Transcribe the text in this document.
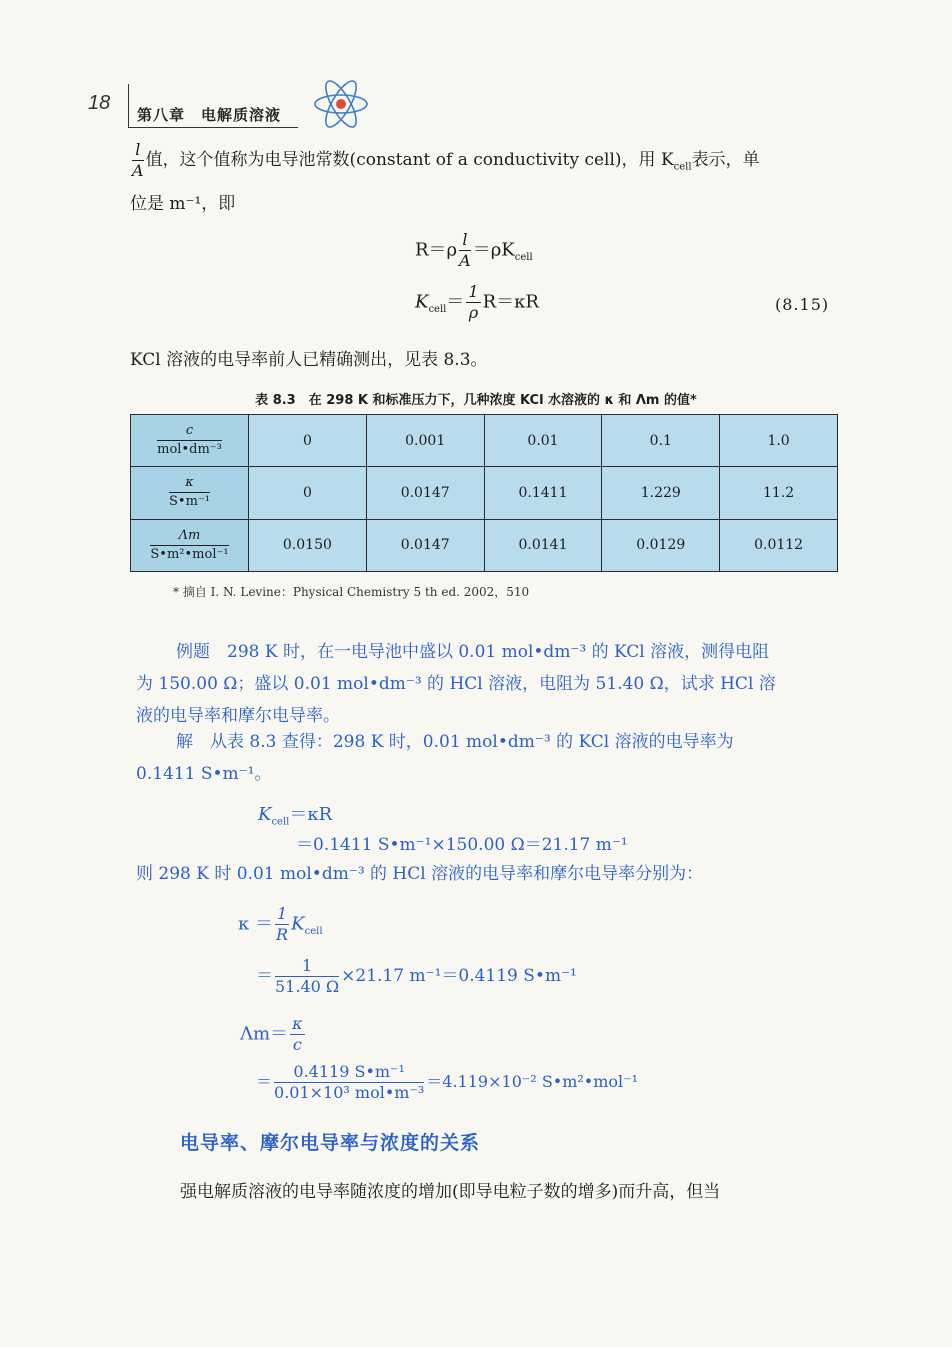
18
第八章　电解质溶液
$\frac{l}{A}$ 值，这个值称为电导池常数(constant of a conductivity cell)，用 $K_{cell}$表示，单
位是 m⁻¹，即
$R=\rho \frac{l}{A} =\rho K_{cell}$
$K_{cell}= \frac{1}{\rho} R=\kappa R$	(8.15)
KCl 溶液的电导率前人已精确测出，见表 8.3。
表 8.3　在 298 K 和标准压力下，几种浓度 KCl 水溶液的 κ 和 Λm 的值*
c
mol•dm⁻³	0	0.001	0.01	0.1	1.0

$\frac{\kappa}{\text{S•m⁻¹}}$	0	0.0147	0.1411	1.229	11.2

Λm
S•m²•mol⁻¹	0.0150	0.0147	0.0141	0.0129	0.0112
* 摘自 I. N. Levine：Physical Chemistry 5 th ed. 2002，510
例题　298 K 时，在一电导池中盛以 0.01 mol•dm⁻³ 的 KCl 溶液，测得电阻
为 150.00 Ω；盛以 0.01 mol•dm⁻³ 的 HCl 溶液，电阻为 51.40 Ω，试求 HCl 溶
液的电导率和摩尔电导率。
解　从表 8.3 查得：298 K 时，0.01 mol•dm⁻³ 的 KCl 溶液的电导率为
0.1411 S•m⁻¹。
$K_{cell}=\kappa R$
＝0.1411 S•m⁻¹×150.00 Ω＝21.17 m⁻¹
则 298 K 时 0.01 mol•dm⁻³ 的 HCl 溶液的电导率和摩尔电导率分别为：
$\kappa = \frac{1}{R} K_{cell}$
＝ $\frac{1}{51.40 \Omega} \times 21.17$ m⁻¹＝0.4119 S•m⁻¹
$\Lambda m= \frac{\kappa}{c}$
＝ $\frac{\text{0.4119 S•m⁻¹}}{\text{0.01×10³ mol•m⁻³}} =4.119\times 10^{-2}$ S•m²•mol⁻¹
电导率、摩尔电导率与浓度的关系
强电解质溶液的电导率随浓度的增加(即导电粒子数的增多)而升高，但当
